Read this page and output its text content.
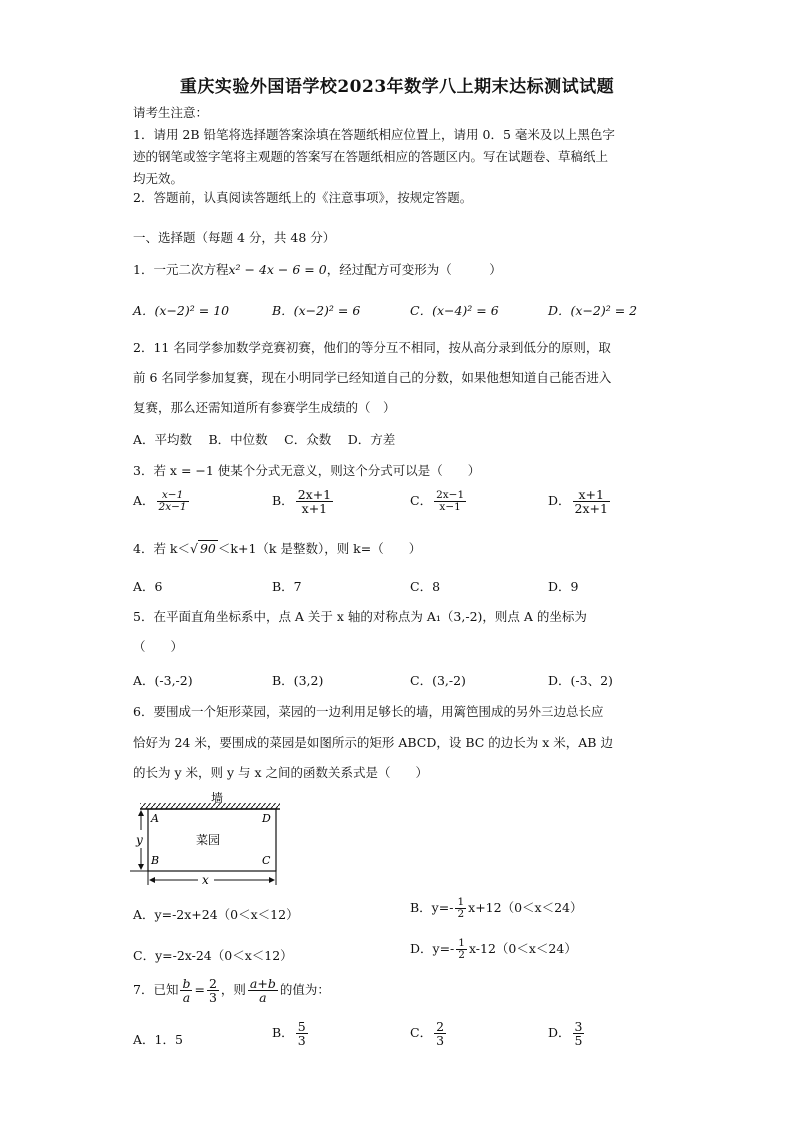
重庆实验外国语学校2023年数学八上期末达标测试试题
请考生注意：
1．请用 2B 铅笔将选择题答案涂填在答题纸相应位置上，请用 0．5 毫米及以上黑色字
迹的钢笔或签字笔将主观题的答案写在答题纸相应的答题区内。写在试题卷、草稿纸上
均无效。
2．答题前，认真阅读答题纸上的《注意事项》，按规定答题。
一、选择题（每题 4 分，共 48 分）
1．一元二次方程x² − 4x − 6 = 0，经过配方可变形为（　　　）
A．(x−2)² = 10	B．(x−2)² = 6	C．(x−4)² = 6	D．(x−2)² = 2
2．11 名同学参加数学竞赛初赛，他们的等分互不相同，按从高分录到低分的原则，取
前 6 名同学参加复赛，现在小明同学已经知道自己的分数，如果他想知道自己能否进入
复赛，那么还需知道所有参赛学生成绩的（　）
A．平均数　 B．中位数　 C．众数　 D．方差
3．若 x = −1 使某个分式无意义，则这个分式可以是（　　）
A． $\frac{x-1}{2x-1}$	B． $\frac{2x+1}{x+1}$	C． $\frac{2x-1}{x-1}$	D． $\frac{x+1}{2x+1}$
4．若 k＜√ 90 ＜k+1（k 是整数），则 k=（　　）
A．6	B．7	C．8	D．9
5．在平面直角坐标系中，点 A 关于 x 轴的对称点为 A₁（3,-2)，则点 A 的坐标为
（　　）
A．(-3,-2)	B．(3,2)	C．(3,-2)	D．(-3、2)
6．要围成一个矩形菜园，菜园的一边利用足够长的墙，用篱笆围成的另外三边总长应
恰好为 24 米，要围成的菜园是如图所示的矩形 ABCD，设 BC 的边长为 x 米，AB 边
的长为 y 米，则 y 与 x 之间的函数关系式是（　　）
墙
A	D
B	C
菜园
x
y
A．y=-2x+24（0＜x＜12）	B．$y=- \frac{1}{2} x+12(0<x<24)$
C．y=-2x-24（0＜x＜12）	D．$y=- \frac{1}{2} x-12(0<x<24)$
7．已知 $\frac{b}{a} = \frac{2}{3}$ ，则 $\frac{a+b}{a}$ 的值为：
A．1．5	B． $\frac{5}{3}$	C． $\frac{2}{3}$	D． $\frac{3}{5}$
